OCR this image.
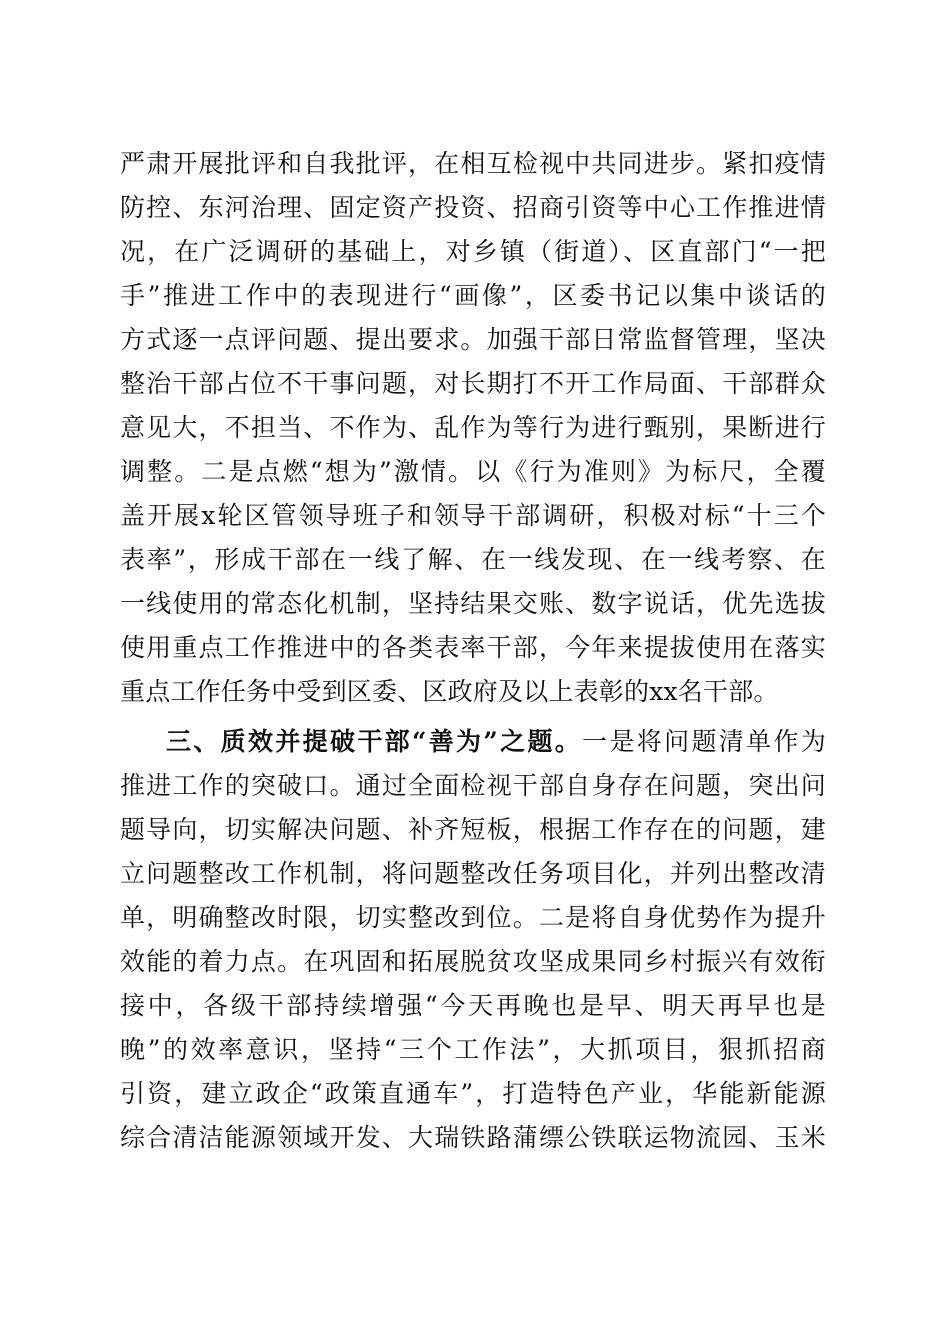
严肃开展批评和自我批评，在相互检视中共同进步。紧扣疫情
防控、东河治理、固定资产投资、招商引资等中心工作推进情
况，在广泛调研的基础上，对乡镇（街道）、区直部门“一把
手”推进工作中的表现进行“画像”，区委书记以集中谈话的
方式逐一点评问题、提出要求。加强干部日常监督管理，坚决
整治干部占位不干事问题，对长期打不开工作局面、干部群众
意见大，不担当、不作为、乱作为等行为进行甄别，果断进行
调整。二是点燃“想为”激情。以《行为准则》为标尺，全覆
盖开展x轮区管领导班子和领导干部调研，积极对标“十三个
表率”，形成干部在一线了解、在一线发现、在一线考察、在
一线使用的常态化机制，坚持结果交账、数字说话，优先选拔
使用重点工作推进中的各类表率干部，今年来提拔使用在落实
重点工作任务中受到区委、区政府及以上表彰的xx名干部。
三、质效并提破干部“善为”之题。一是将问题清单作为
推进工作的突破口。通过全面检视干部自身存在问题，突出问
题导向，切实解决问题、补齐短板，根据工作存在的问题，建
立问题整改工作机制，将问题整改任务项目化，并列出整改清
单，明确整改时限，切实整改到位。二是将自身优势作为提升
效能的着力点。在巩固和拓展脱贫攻坚成果同乡村振兴有效衔
接中，各级干部持续增强“今天再晚也是早、明天再早也是
晚”的效率意识，坚持“三个工作法”，大抓项目，狠抓招商
引资，建立政企“政策直通车”，打造特色产业，华能新能源
综合清洁能源领域开发、大瑞铁路蒲缥公铁联运物流园、玉米
